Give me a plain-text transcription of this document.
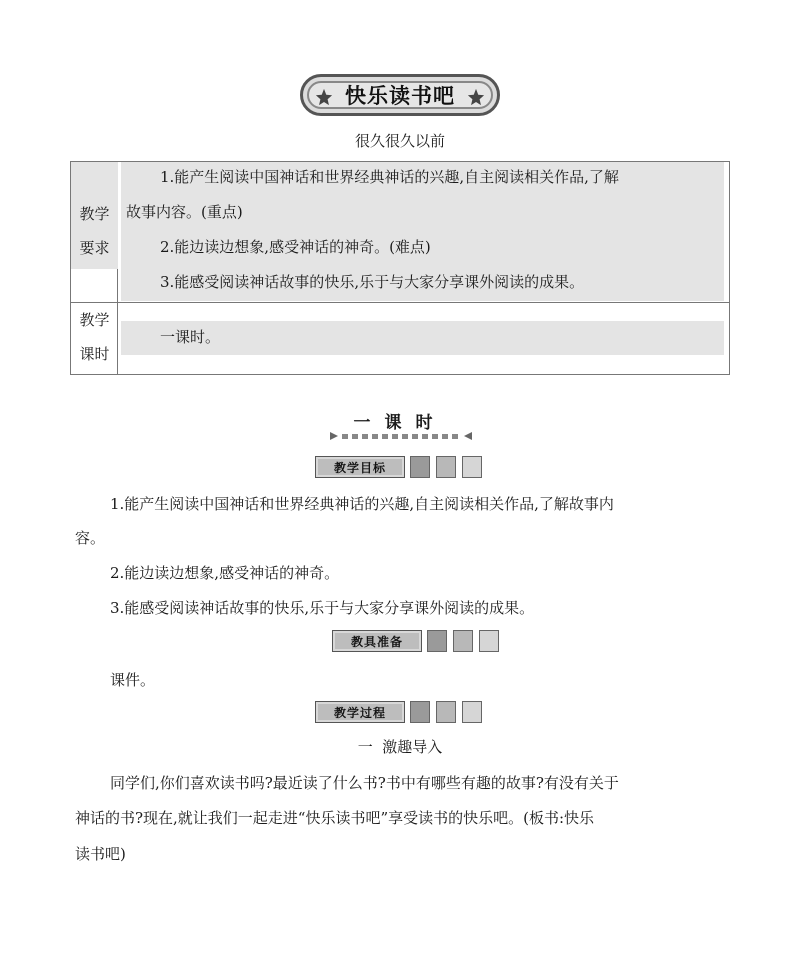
快乐读书吧
很久很久以前
教学
要求
1.能产生阅读中国神话和世界经典神话的兴趣,自主阅读相关作品,了解
故事内容。(重点)
2.能边读边想象,感受神话的神奇。(难点)
3.能感受阅读神话故事的快乐,乐于与大家分享课外阅读的成果。
教学
课时
一课时。
一课时
教学目标
1.能产生阅读中国神话和世界经典神话的兴趣,自主阅读相关作品,了解故事内
容。
2.能边读边想象,感受神话的神奇。
3.能感受阅读神话故事的快乐,乐于与大家分享课外阅读的成果。
教具准备
课件。
教学过程
一  激趣导入
同学们,你们喜欢读书吗?最近读了什么书?书中有哪些有趣的故事?有没有关于
神话的书?现在,就让我们一起走进“快乐读书吧”享受读书的快乐吧。(板书:快乐
读书吧)
